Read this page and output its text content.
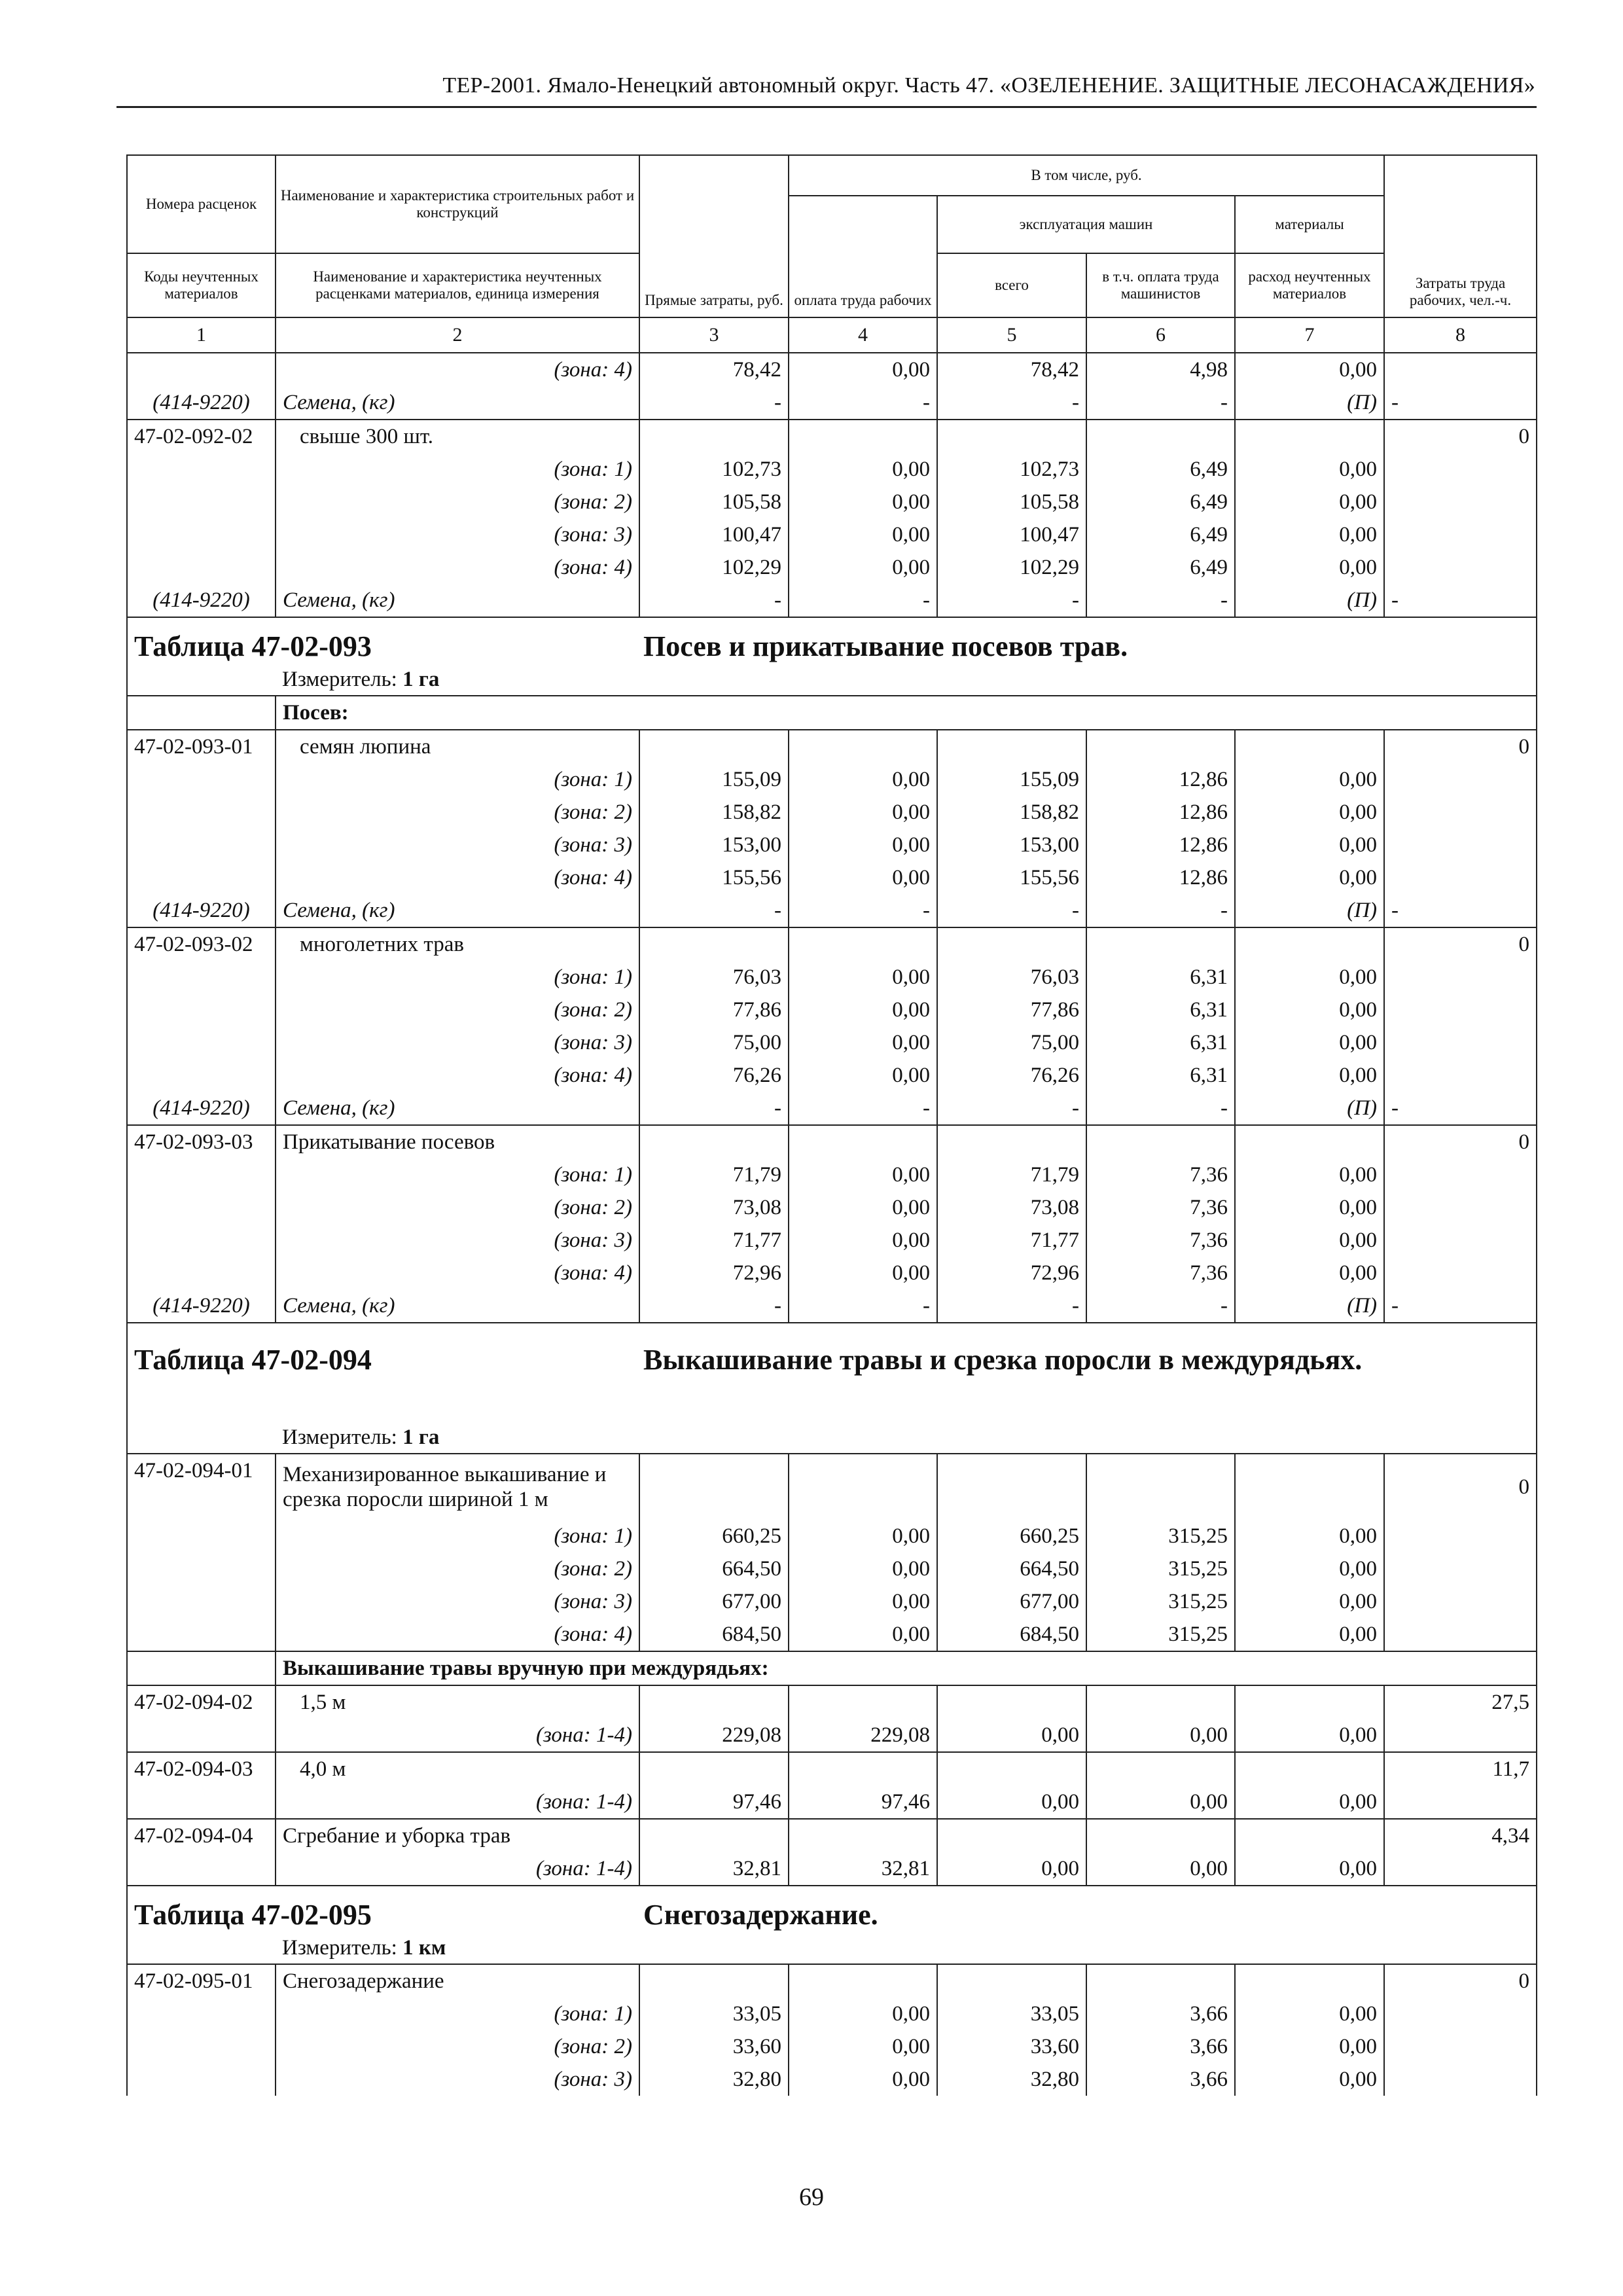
ТЕР-2001. Ямало-Ненецкий автономный округ. Часть 47. «ОЗЕЛЕНЕНИЕ. ЗАЩИТНЫЕ ЛЕСОНАСАЖДЕНИЯ»
Номера расценок	Наименование и характеристика строительных работ и конструкций	Прямые затраты, руб.	В том числе, руб.				Затраты труда рабочих, чел.-ч.
			оплата труда рабочих	эксплуатация машин		материалы	
Коды неучтенных материалов	Наименование и характеристика неучтенных расценками материалов, единица измерения			всего	в т.ч. оплата труда машинистов	расход неучтенных материалов	
1	2	3	4	5	6	7	8
	(зона: 4)	78,42	0,00	78,42	4,98	0,00	
(414-9220)	Семена, (кг)	-	-	-	-	(П)	-
47-02-092-02	свыше 300 шт.						0
	(зона: 1)	102,73	0,00	102,73	6,49	0,00	
	(зона: 2)	105,58	0,00	105,58	6,49	0,00	
	(зона: 3)	100,47	0,00	100,47	6,49	0,00	
	(зона: 4)	102,29	0,00	102,29	6,49	0,00	
(414-9220)	Семена, (кг)	-	-	-	-	(П)	-
Таблица 47-02-093			Посев и прикатывание посевов трав.				
	Измеритель: 1 га						
	Посев:						
47-02-093-01	семян люпина						0
	(зона: 1)	155,09	0,00	155,09	12,86	0,00	
	(зона: 2)	158,82	0,00	158,82	12,86	0,00	
	(зона: 3)	153,00	0,00	153,00	12,86	0,00	
	(зона: 4)	155,56	0,00	155,56	12,86	0,00	
(414-9220)	Семена, (кг)	-	-	-	-	(П)	-
47-02-093-02	многолетних трав						0
	(зона: 1)	76,03	0,00	76,03	6,31	0,00	
	(зона: 2)	77,86	0,00	77,86	6,31	0,00	
	(зона: 3)	75,00	0,00	75,00	6,31	0,00	
	(зона: 4)	76,26	0,00	76,26	6,31	0,00	
(414-9220)	Семена, (кг)	-	-	-	-	(П)	-
47-02-093-03	Прикатывание посевов						0
	(зона: 1)	71,79	0,00	71,79	7,36	0,00	
	(зона: 2)	73,08	0,00	73,08	7,36	0,00	
	(зона: 3)	71,77	0,00	71,77	7,36	0,00	
	(зона: 4)	72,96	0,00	72,96	7,36	0,00	
(414-9220)	Семена, (кг)	-	-	-	-	(П)	-
Таблица 47-02-094			Выкашивание травы и срезка поросли в междурядьях.				
	Измеритель: 1 га						
47-02-094-01	Механизированное выкашивание и срезка поросли шириной 1 м						0
	(зона: 1)	660,25	0,00	660,25	315,25	0,00	
	(зона: 2)	664,50	0,00	664,50	315,25	0,00	
	(зона: 3)	677,00	0,00	677,00	315,25	0,00	
	(зона: 4)	684,50	0,00	684,50	315,25	0,00	
	Выкашивание травы вручную при междурядьях:						
47-02-094-02	1,5 м						27,5
	(зона: 1-4)	229,08	229,08	0,00	0,00	0,00	
47-02-094-03	4,0 м						11,7
	(зона: 1-4)	97,46	97,46	0,00	0,00	0,00	
47-02-094-04	Сгребание и уборка трав						4,34
	(зона: 1-4)	32,81	32,81	0,00	0,00	0,00	
Таблица 47-02-095			Снегозадержание.				
	Измеритель: 1 км						
47-02-095-01	Снегозадержание						0
	(зона: 1)	33,05	0,00	33,05	3,66	0,00	
	(зона: 2)	33,60	0,00	33,60	3,66	0,00	
	(зона: 3)	32,80	0,00	32,80	3,66	0,00	
69
